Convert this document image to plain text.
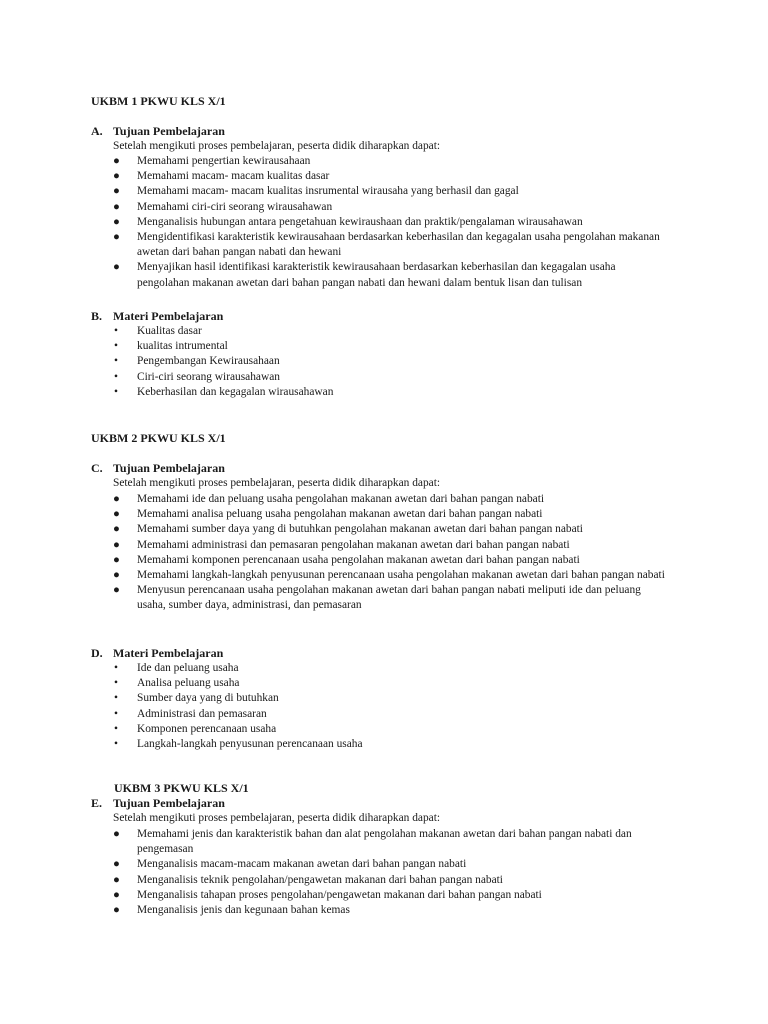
UKBM 1 PKWU KLS X/1
A. Tujuan Pembelajaran
Setelah mengikuti proses pembelajaran, peserta didik diharapkan dapat:
●	Memahami pengertian kewirausahaan
●	Memahami macam- macam kualitas dasar
●	Memahami macam- macam kualitas insrumental wirausaha yang berhasil dan gagal
●	Memahami ciri-ciri seorang wirausahawan
●	Menganalisis hubungan antara pengetahuan kewiraushaan dan praktik/pengalaman wirausahawan
●	Mengidentifikasi karakteristik kewirausahaan berdasarkan keberhasilan dan kegagalan usaha pengolahan makanan awetan dari bahan pangan nabati dan hewani
●	Menyajikan hasil identifikasi karakteristik kewirausahaan berdasarkan keberhasilan dan kegagalan usaha pengolahan makanan awetan dari bahan pangan nabati dan hewani dalam bentuk lisan dan tulisan
B. Materi Pembelajaran
•	Kualitas dasar
•	kualitas intrumental
•	Pengembangan Kewirausahaan
•	Ciri-ciri seorang wirausahawan
•	Keberhasilan dan kegagalan wirausahawan
UKBM 2 PKWU KLS X/1
C. Tujuan Pembelajaran
Setelah mengikuti proses pembelajaran, peserta didik diharapkan dapat:
●	Memahami ide dan peluang usaha pengolahan makanan awetan dari bahan pangan nabati
●	Memahami analisa peluang usaha pengolahan makanan awetan dari bahan pangan nabati
●	Memahami sumber daya yang di butuhkan pengolahan makanan awetan dari bahan pangan nabati
●	Memahami administrasi dan pemasaran pengolahan makanan awetan dari bahan pangan nabati
●	Memahami komponen perencanaan usaha pengolahan makanan awetan dari bahan pangan nabati
●	Memahami langkah-langkah penyusunan perencanaan usaha pengolahan makanan awetan dari bahan pangan nabati
●	Menyusun perencanaan usaha pengolahan makanan awetan dari bahan pangan nabati meliputi ide dan peluang usaha, sumber daya, administrasi, dan pemasaran
D. Materi Pembelajaran
•	Ide dan peluang usaha
•	Analisa peluang usaha
•	Sumber daya yang di butuhkan
•	Administrasi dan pemasaran
•	Komponen perencanaan usaha
•	Langkah-langkah penyusunan perencanaan usaha
UKBM 3 PKWU KLS X/1
E. Tujuan Pembelajaran
Setelah mengikuti proses pembelajaran, peserta didik diharapkan dapat:
●	Memahami jenis dan karakteristik bahan dan alat pengolahan makanan awetan dari bahan pangan nabati dan pengemasan
●	Menganalisis macam-macam makanan awetan dari bahan pangan nabati
●	Menganalisis teknik pengolahan/pengawetan makanan dari bahan pangan nabati
●	Menganalisis tahapan proses pengolahan/pengawetan makanan dari bahan pangan nabati
●	Menganalisis jenis dan kegunaan bahan kemas
